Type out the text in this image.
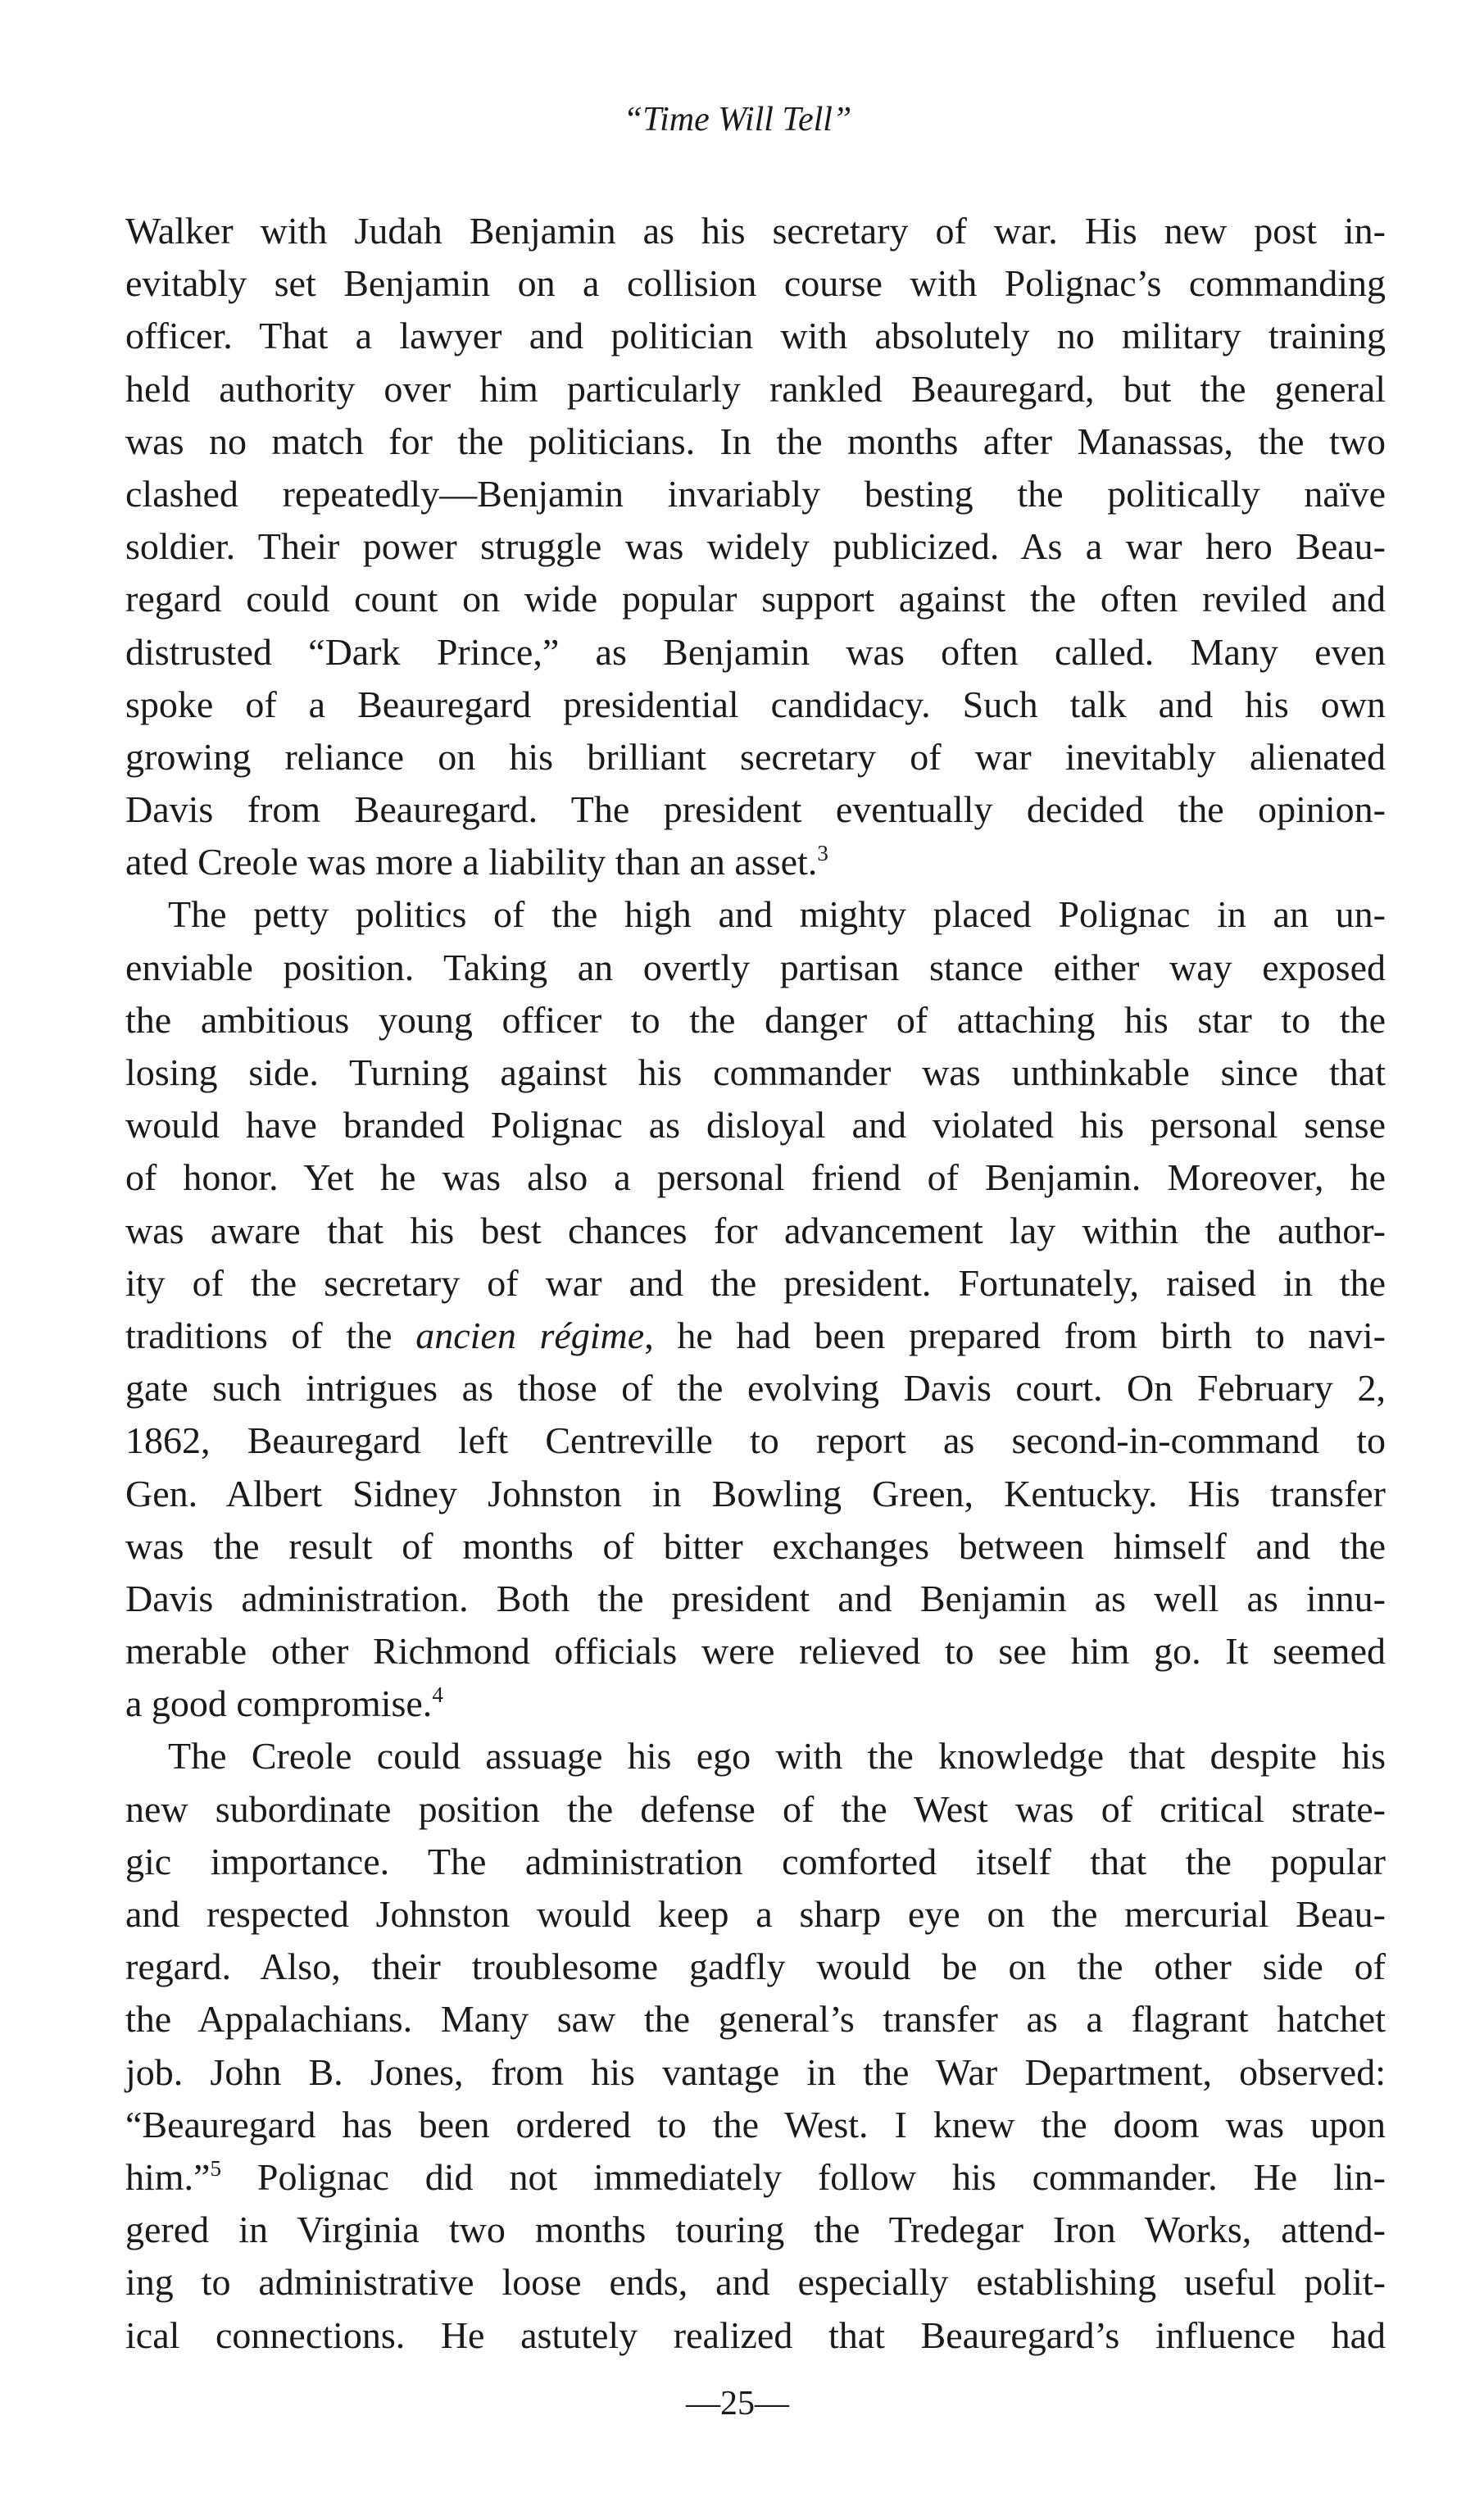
“Time Will Tell”
Walker with Judah Benjamin as his secretary of war. His new post in-
evitably set Benjamin on a collision course with Polignac’s commanding
officer. That a lawyer and politician with absolutely no military training
held authority over him particularly rankled Beauregard, but the general
was no match for the politicians. In the months after Manassas, the two
clashed repeatedly—Benjamin invariably besting the politically naïve
soldier. Their power struggle was widely publicized. As a war hero Beau-
regard could count on wide popular support against the often reviled and
distrusted “Dark Prince,” as Benjamin was often called. Many even
spoke of a Beauregard presidential candidacy. Such talk and his own
growing reliance on his brilliant secretary of war inevitably alienated
Davis from Beauregard. The president eventually decided the opinion-
ated Creole was more a liability than an asset.$^3$
The petty politics of the high and mighty placed Polignac in an un-
enviable position. Taking an overtly partisan stance either way exposed
the ambitious young officer to the danger of attaching his star to the
losing side. Turning against his commander was unthinkable since that
would have branded Polignac as disloyal and violated his personal sense
of honor. Yet he was also a personal friend of Benjamin. Moreover, he
was aware that his best chances for advancement lay within the author-
ity of the secretary of war and the president. Fortunately, raised in the
traditions of the ancien régime, he had been prepared from birth to navi-
gate such intrigues as those of the evolving Davis court. On February 2,
1862, Beauregard left Centreville to report as second-in-command to
Gen. Albert Sidney Johnston in Bowling Green, Kentucky. His transfer
was the result of months of bitter exchanges between himself and the
Davis administration. Both the president and Benjamin as well as innu-
merable other Richmond officials were relieved to see him go. It seemed
a good compromise.$^4$
The Creole could assuage his ego with the knowledge that despite his
new subordinate position the defense of the West was of critical strate-
gic importance. The administration comforted itself that the popular
and respected Johnston would keep a sharp eye on the mercurial Beau-
regard. Also, their troublesome gadfly would be on the other side of
the Appalachians. Many saw the general’s transfer as a flagrant hatchet
job. John B. Jones, from his vantage in the War Department, observed:
“Beauregard has been ordered to the West. I knew the doom was upon
him.”$^5$ Polignac did not immediately follow his commander. He lin-
gered in Virginia two months touring the Tredegar Iron Works, attend-
ing to administrative loose ends, and especially establishing useful polit-
ical connections. He astutely realized that Beauregard’s influence had
—25—
